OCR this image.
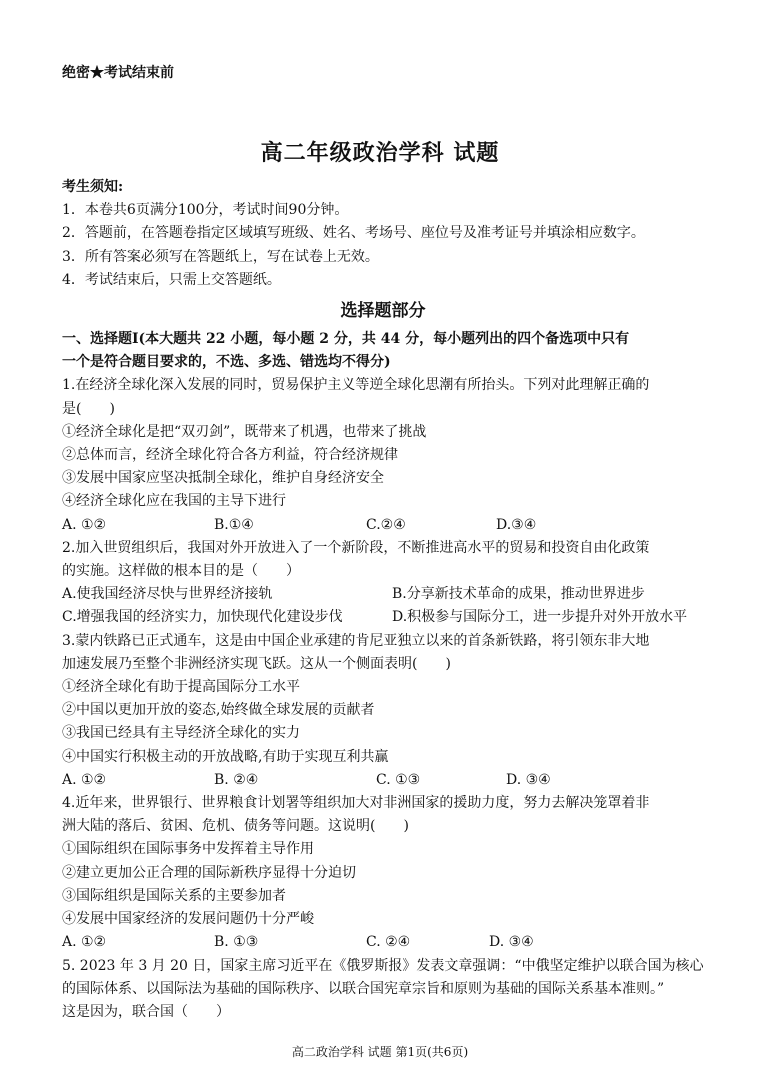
绝密★考试结束前
高二年级政治学科 试题

考生须知:

1．本卷共6页满分100分，考试时间90分钟。

2．答题前，在答题卷指定区域填写班级、姓名、考场号、座位号及准考证号并填涂相应数字。

3．所有答案必须写在答题纸上，写在试卷上无效。

4．考试结束后，只需上交答题纸。

选择题部分

一、选择题Ⅰ(本大题共 22 小题，每小题 2 分，共 44 分，每小题列出的四个备选项中只有

一个是符合题目要求的，不选、多选、错选均不得分)

1.在经济全球化深入发展的同时，贸易保护主义等逆全球化思潮有所抬头。下列对此理解正确的

是(　　)

①经济全球化是把“双刃剑”，既带来了机遇，也带来了挑战

②总体而言，经济全球化符合各方利益，符合经济规律

③发展中国家应坚决抵制全球化，维护自身经济安全

④经济全球化应在我国的主导下进行

A. ①②	B.①④	C.②④	D.③④

2.加入世贸组织后，我国对外开放进入了一个新阶段，不断推进高水平的贸易和投资自由化政策

的实施。这样做的根本目的是（　　）

A.使我国经济尽快与世界经济接轨	B.分享新技术革命的成果，推动世界进步

C.增强我国的经济实力，加快现代化建设步伐	D.积极参与国际分工，进一步提升对外开放水平

3.蒙内铁路已正式通车，这是由中国企业承建的肯尼亚独立以来的首条新铁路，将引领东非大地

加速发展乃至整个非洲经济实现飞跃。这从一个侧面表明(　　)

①经济全球化有助于提高国际分工水平

②中国以更加开放的姿态,始终做全球发展的贡献者

③我国已经具有主导经济全球化的实力

④中国实行积极主动的开放战略,有助于实现互利共赢

A. ①②	B. ②④	C. ①③	D. ③④

4.近年来，世界银行、世界粮食计划署等组织加大对非洲国家的援助力度，努力去解决笼罩着非

洲大陆的落后、贫困、危机、债务等问题。这说明(　　)

①国际组织在国际事务中发挥着主导作用

②建立更加公正合理的国际新秩序显得十分迫切

③国际组织是国际关系的主要参加者

④发展中国家经济的发展问题仍十分严峻

A. ①②	B. ①③	C. ②④	D. ③④

5. 2023 年 3 月 20 日，国家主席习近平在《俄罗斯报》发表文章强调：“中俄坚定维护以联合国为核心

的国际体系、以国际法为基础的国际秩序、以联合国宪章宗旨和原则为基础的国际关系基本准则。”

这是因为，联合国（　　）

高二政治学科 试题 第1页(共6页)
